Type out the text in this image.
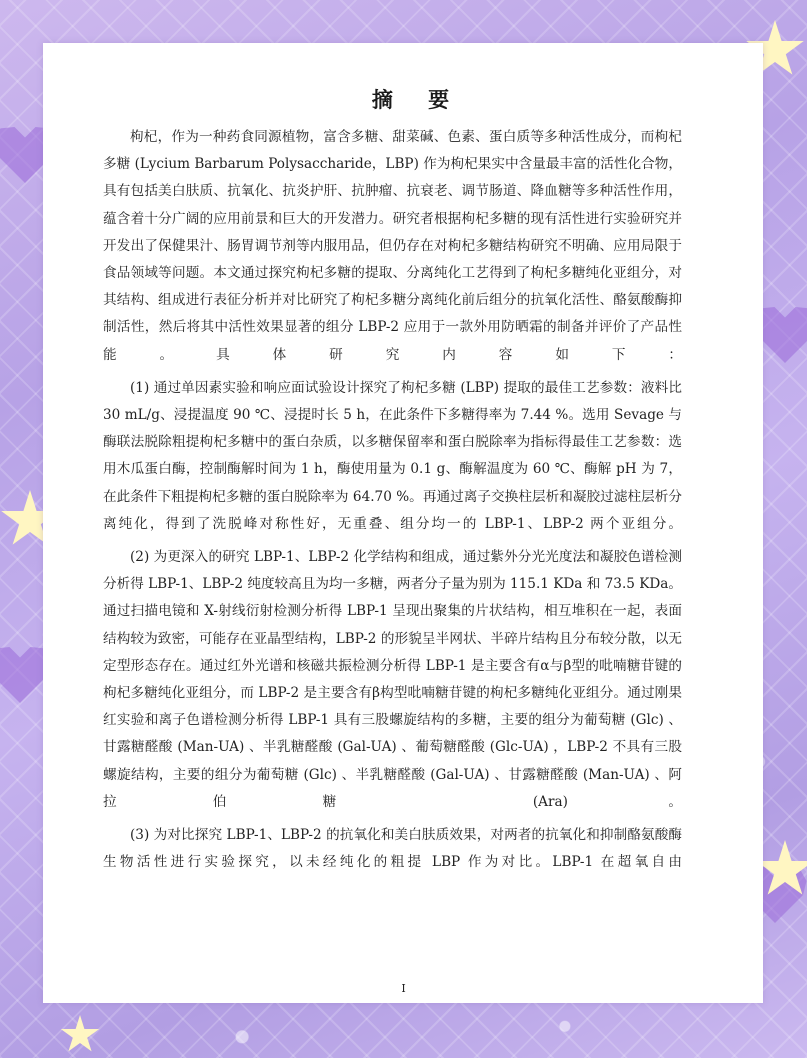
摘 要

枸杞，作为一种药食同源植物，富含多糖、甜菜碱、色素、蛋白质等多种活性成分，而枸杞多糖 (Lycium Barbarum Polysaccharide，LBP) 作为枸杞果实中含量最丰富的活性化合物，具有包括美白肤质、抗氧化、抗炎护肝、抗肿瘤、抗衰老、调节肠道、降血糖等多种活性作用，蕴含着十分广阔的应用前景和巨大的开发潜力。研究者根据枸杞多糖的现有活性进行实验研究并开发出了保健果汁、肠胃调节剂等内服用品，但仍存在对枸杞多糖结构研究不明确、应用局限于食品领域等问题。本文通过探究枸杞多糖的提取、分离纯化工艺得到了枸杞多糖纯化亚组分，对其结构、组成进行表征分析并对比研究了枸杞多糖分离纯化前后组分的抗氧化活性、酪氨酸酶抑制活性，然后将其中活性效果显著的组分 LBP-2 应用于一款外用防晒霜的制备并评价了产品性能。具体研究内容如下：

(1) 通过单因素实验和响应面试验设计探究了枸杞多糖 (LBP) 提取的最佳工艺参数：液料比 30 mL/g、浸提温度 90 ℃、浸提时长 5 h，在此条件下多糖得率为 7.44 %。选用 Sevage 与酶联法脱除粗提枸杞多糖中的蛋白杂质，以多糖保留率和蛋白脱除率为指标得最佳工艺参数：选用木瓜蛋白酶，控制酶解时间为 1 h，酶使用量为 0.1 g、酶解温度为 60 ℃、酶解 pH 为 7，在此条件下粗提枸杞多糖的蛋白脱除率为 64.70 %。再通过离子交换柱层析和凝胶过滤柱层析分离纯化，得到了洗脱峰对称性好，无重叠、组分均一的 LBP-1、LBP-2 两个亚组分。

(2) 为更深入的研究 LBP-1、LBP-2 化学结构和组成，通过紫外分光光度法和凝胶色谱检测分析得 LBP-1、LBP-2 纯度较高且为均一多糖，两者分子量为别为 115.1 KDa 和 73.5 KDa。通过扫描电镜和 X-射线衍射检测分析得 LBP-1 呈现出聚集的片状结构，相互堆积在一起，表面结构较为致密，可能存在亚晶型结构，LBP-2 的形貌呈半网状、半碎片结构且分布较分散，以无定型形态存在。通过红外光谱和核磁共振检测分析得 LBP-1 是主要含有α与β型的吡喃糖苷键的枸杞多糖纯化亚组分，而 LBP-2 是主要含有β构型吡喃糖苷键的枸杞多糖纯化亚组分。通过刚果红实验和离子色谱检测分析得 LBP-1 具有三股螺旋结构的多糖，主要的组分为葡萄糖 (Glc) 、甘露糖醛酸 (Man-UA) 、半乳糖醛酸 (Gal-UA) 、葡萄糖醛酸 (Glc-UA) ，LBP-2 不具有三股螺旋结构，主要的组分为葡萄糖 (Glc) 、半乳糖醛酸 (Gal-UA) 、甘露糖醛酸 (Man-UA) 、阿拉伯糖 (Ara) 。

(3) 为对比探究 LBP-1、LBP-2 的抗氧化和美白肤质效果，对两者的抗氧化和抑制酪氨酸酶生物活性进行实验探究，以未经纯化的粗提 LBP 作为对比。LBP-1 在超氧自由

I
